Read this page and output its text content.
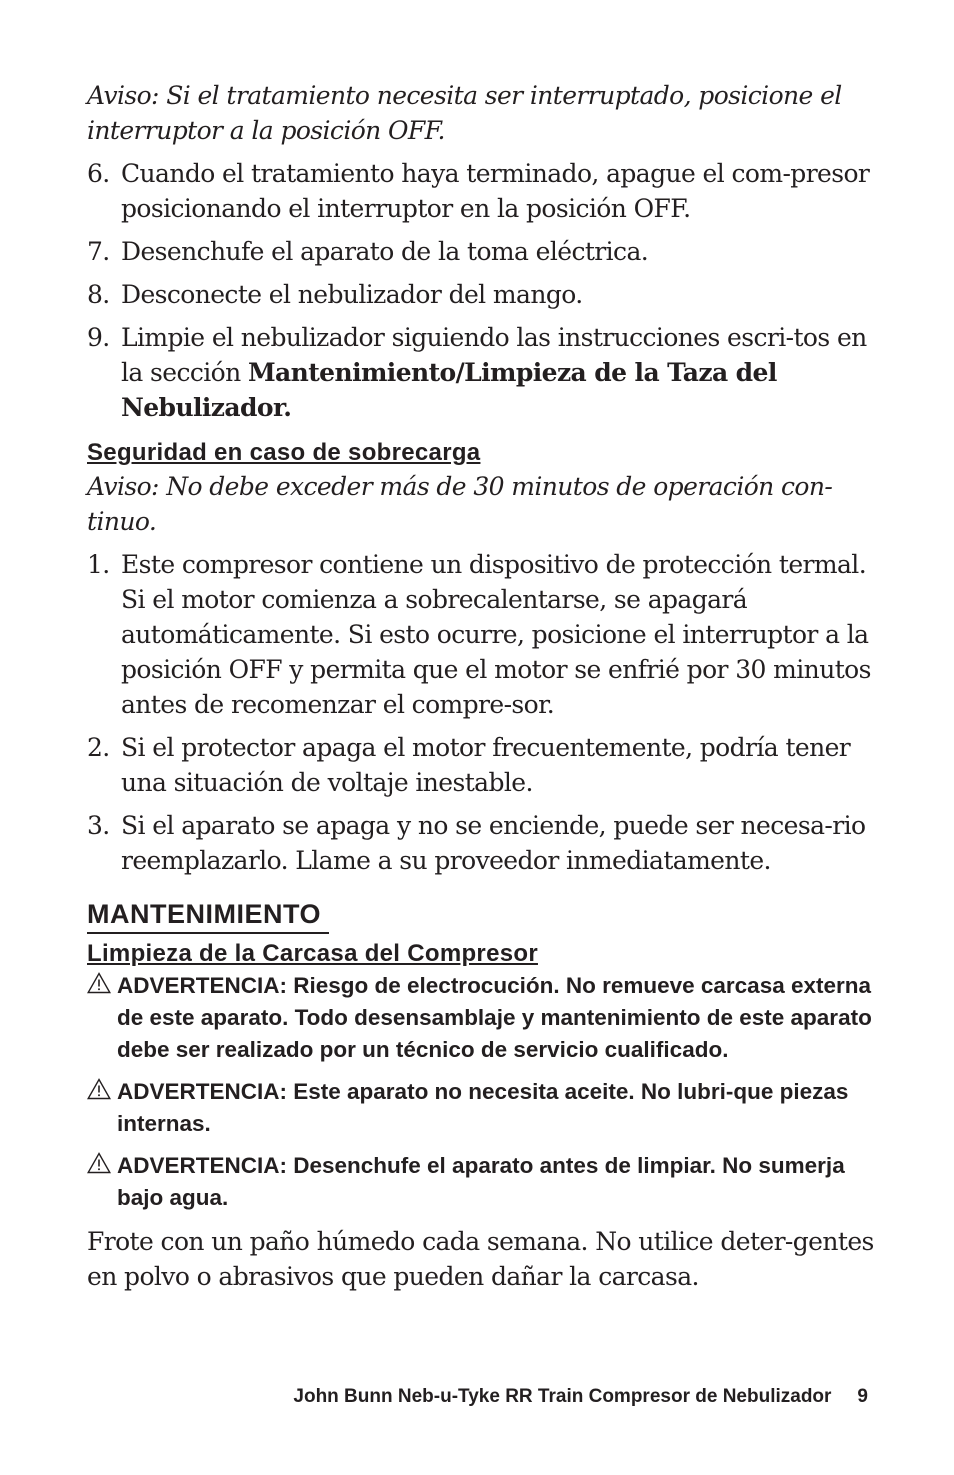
Aviso: Si el tratamiento necesita ser interruptado, posicione el interruptor a la posición OFF.

6. Cuando el tratamiento haya terminado, apague el com-presor posicionando el interruptor en la posición OFF.
7. Desenchufe el aparato de la toma eléctrica.
8. Desconecte el nebulizador del mango.
9. Limpie el nebulizador siguiendo las instrucciones escri-tos en la sección Mantenimiento/Limpieza de la Taza del Nebulizador.
Seguridad en caso de sobrecarga

Aviso: No debe exceder más de 30 minutos de operación con-tinuo.

1. Este compresor contiene un dispositivo de protección termal. Si el motor comienza a sobrecalentarse, se apagará automáticamente. Si esto ocurre, posicione el interruptor a la posición OFF y permita que el motor se enfrié por 30 minutos antes de recomenzar el compre-sor.
2. Si el protector apaga el motor frecuentemente, podría tener una situación de voltaje inestable.
3. Si el aparato se apaga y no se enciende, puede ser necesa-rio reemplazarlo. Llame a su proveedor inmediatamente.
MANTENIMIENTO
Limpieza de la Carcasa del Compresor
ADVERTENCIA: Riesgo de electrocución. No remueve carcasa externa de este aparato. Todo desensamblaje y mantenimiento de este aparato debe ser realizado por un técnico de servicio cualificado.
ADVERTENCIA: Este aparato no necesita aceite. No lubri-que piezas internas.
ADVERTENCIA: Desenchufe el aparato antes de limpiar. No sumerja bajo agua.

Frote con un paño húmedo cada semana. No utilice deter-gentes en polvo o abrasivos que pueden dañar la carcasa.

John Bunn Neb-u-Tyke RR Train Compresor de Nebulizador 9
